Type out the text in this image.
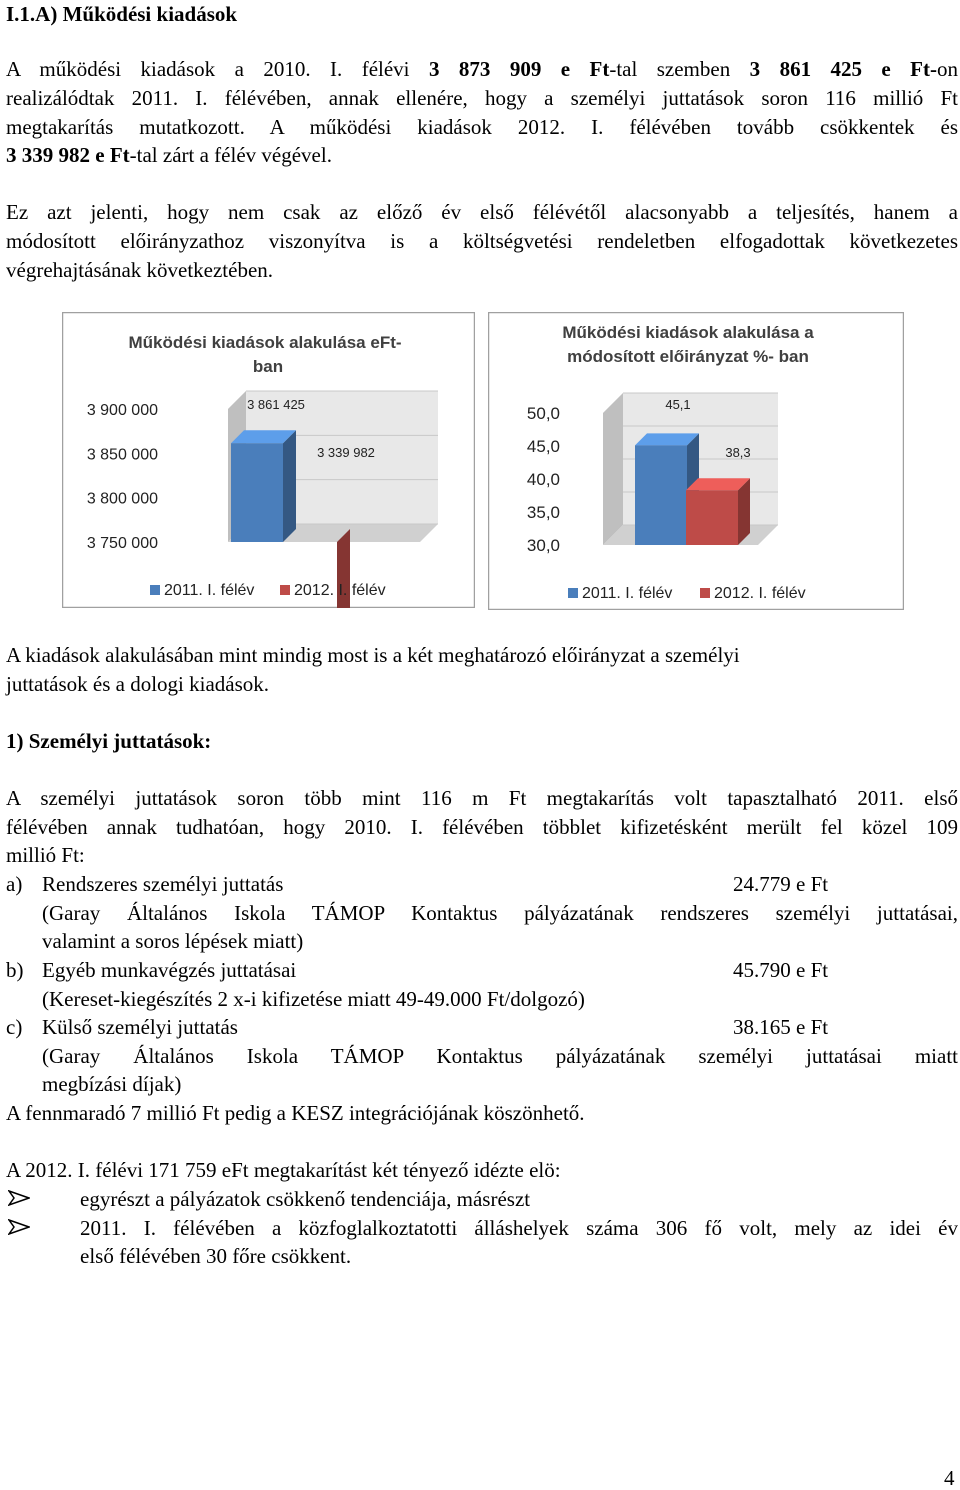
I.1.A) Működési kiadások
A működési kiadások a 2010. I. félévi 3 873 909 e Ft-tal szemben 3 861 425 e Ft-on
realizálódtak 2011. I. félévében, annak ellenére, hogy a személyi juttatások soron 116 millió Ft
megtakarítás mutatkozott. A működési kiadások 2012. I. félévében tovább csökkentek és
3 339 982 e Ft-tal zárt a félév végével.
Ez azt jelenti, hogy nem csak az előző év első félévétől alacsonyabb a teljesítés, hanem a
módosított előirányzathoz viszonyítva is a költségvetési rendeletben elfogadottak következetes
végrehajtásának következtében.
Működési kiadások alakulása eFt-
ban
3 900 000
3 850 000
3 800 000
3 750 000
3 861 425
3 339 982
2011. I. félév 2012. I. félév
Működési kiadások alakulása a
módosított előirányzat %- ban
50,0
45,0
40,0
35,0
30,0
45,1
38,3
2011. I. félév	2012. I. félév
A kiadások alakulásában mint mindig most is a két meghatározó előirányzat a személyi
juttatások és a dologi kiadások.
1) Személyi juttatások:
A személyi juttatások soron több mint 116 m Ft megtakarítás volt tapasztalható 2011. első
félévében annak tudhatóan, hogy 2010. I. félévében többlet kifizetésként merült fel közel 109
millió Ft:
a) Rendszeres személyi juttatás	24.779 e Ft
(Garay Általános Iskola TÁMOP Kontaktus pályázatának rendszeres személyi juttatásai,
valamint a soros lépések miatt)
b) Egyéb munkavégzés juttatásai	45.790 e Ft
(Kereset-kiegészítés 2 x-i kifizetése miatt 49-49.000 Ft/dolgozó)
c) Külső személyi juttatás	38.165 e Ft
(Garay Általános Iskola TÁMOP Kontaktus pályázatának személyi juttatásai miatt
megbízási díjak)
A fennmaradó 7 millió Ft pedig a KESZ integrációjának köszönhető.
A 2012. I. félévi 171 759 eFt megtakarítást két tényező idézte elö:
egyrészt a pályázatok csökkenő tendenciája, másrészt
2011. I. félévében a közfoglalkoztatotti álláshelyek száma 306 fő volt, mely az idei év
első félévében 30 főre csökkent.
4
